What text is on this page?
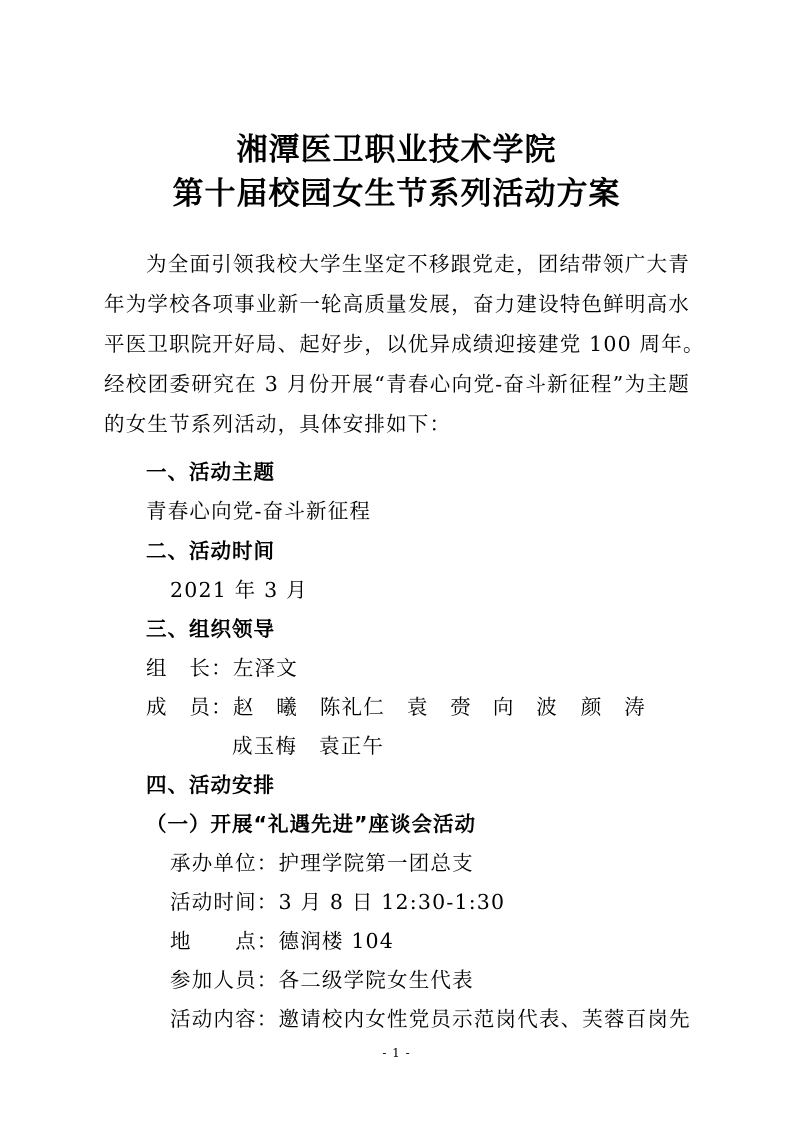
湘潭医卫职业技术学院
第十届校园女生节系列活动方案
为全面引领我校大学生坚定不移跟党走，团结带领广大青
年为学校各项事业新一轮高质量发展，奋力建设特色鲜明高水
平医卫职院开好局、起好步，以优异成绩迎接建党 100 周年。
经校团委研究在 3 月份开展“青春心向党-奋斗新征程”为主题
的女生节系列活动，具体安排如下：
一、活动主题
青春心向党-奋斗新征程
二、活动时间
2021 年 3 月
三、组织领导
组　长：左泽文
成　员： 赵　曦	陈礼仁	袁　赍	向　波	颜　涛
成玉梅	袁正午
四、活动安排
（一）开展“礼遇先进”座谈会活动
承办单位：护理学院第一团总支
活动时间：3 月 8 日 12:30-1:30
地　　点：德润楼 104
参加人员：各二级学院女生代表
活动内容：邀请校内女性党员示范岗代表、芙蓉百岗先
- 1 -
